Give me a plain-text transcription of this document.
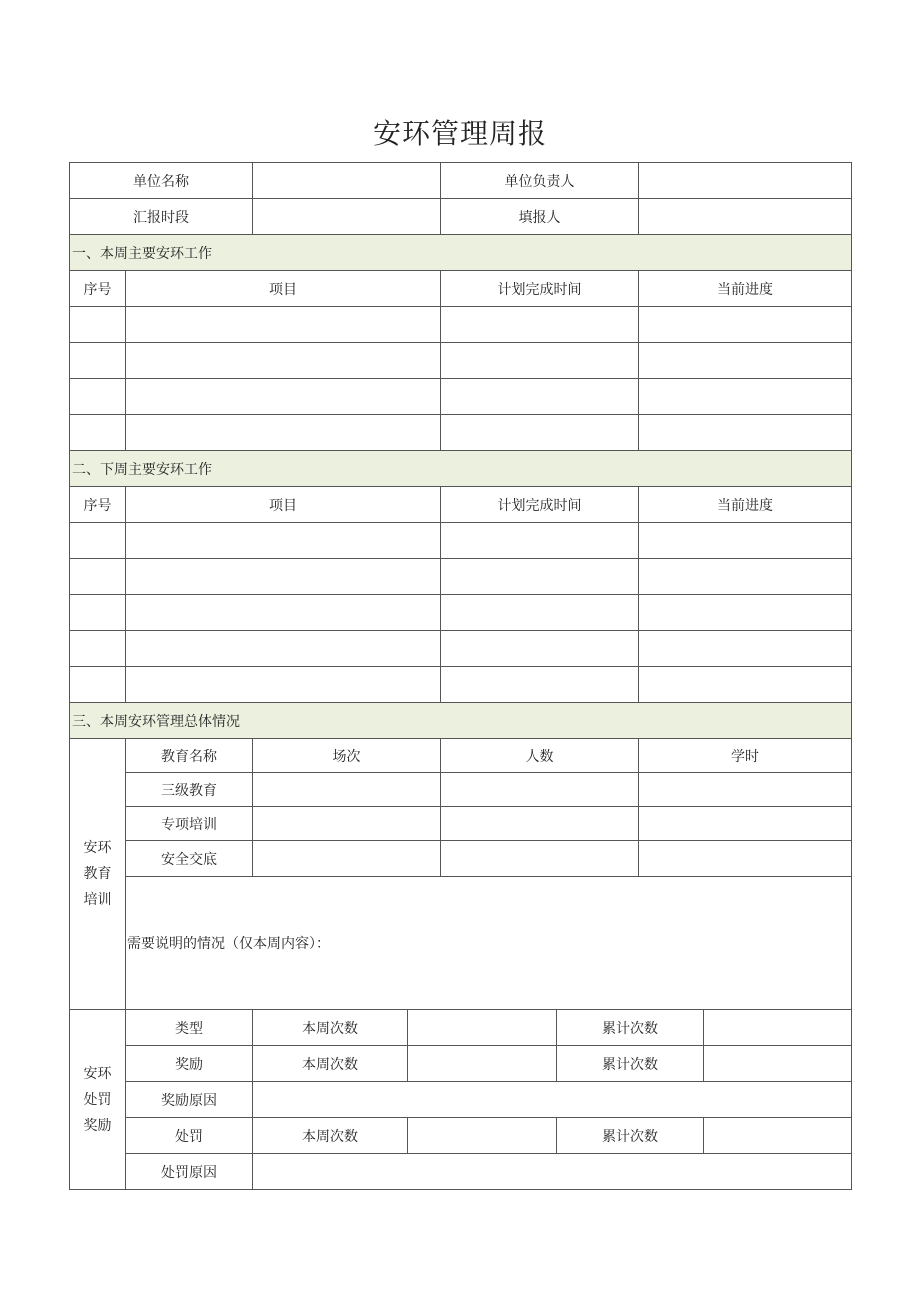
安环管理周报
单位名称			单位负责人	
汇报时段			填报人	
一、本周主要安环工作				
序号	项目		计划完成时间	当前进度

二、下周主要安环工作				
序号	项目		计划完成时间	当前进度

三、本周安环管理总体情况				
安环
教育
培训	教育名称	场次	人数	学时
	三级教育			
	专项培训			
	安全交底			

	需要说明的情况（仅本周内容）：			
安环
处罚
奖励	类型	本周次数		累计次数	
	奖励	本周次数		累计次数	
	奖励原因				
	处罚	本周次数		累计次数	
	处罚原因				
